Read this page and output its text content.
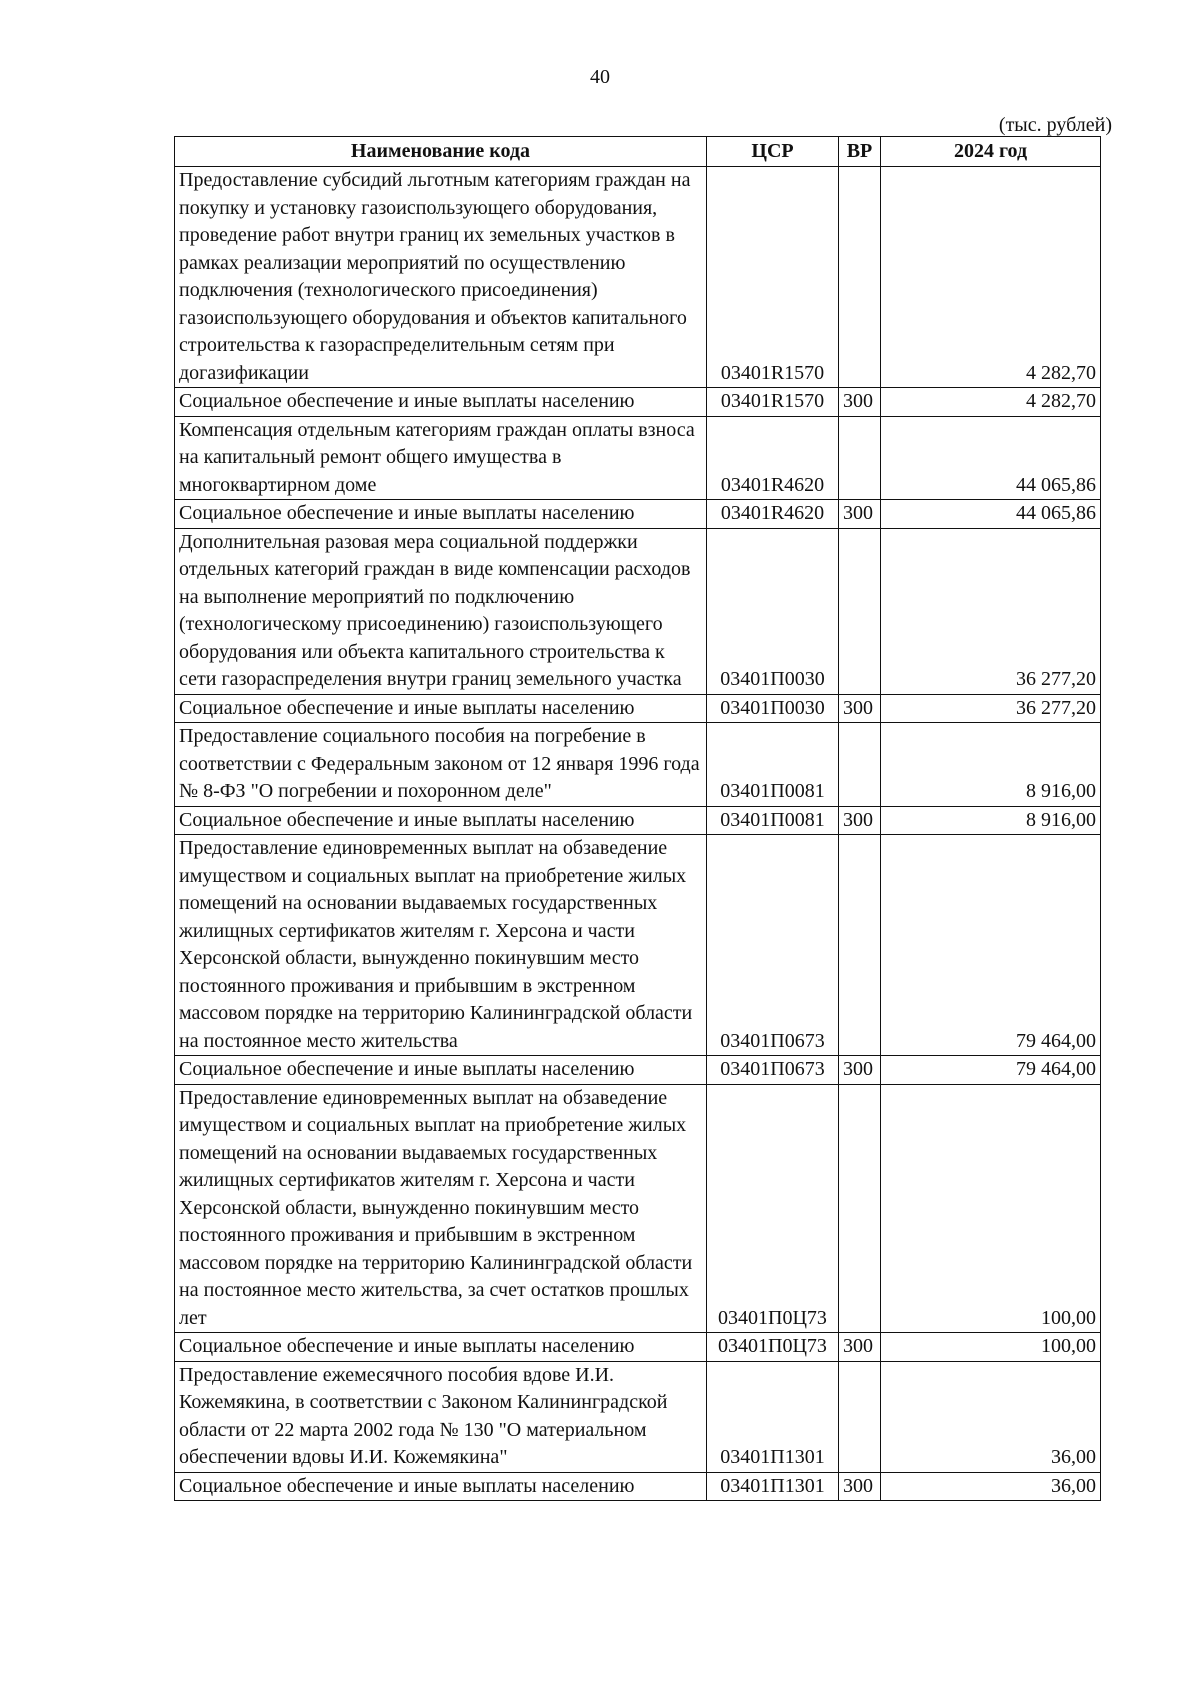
40
(тыс. рублей)
Наименование кода	ЦСР	ВР	2024 год
Предоставление субсидий льготным категориям граждан на покупку и установку газоиспользующего оборудования, проведение работ внутри границ их земельных участков в рамках реализации мероприятий по осуществлению подключения (технологического присоединения) газоиспользующего оборудования и объектов капитального строительства к газораспределительным сетям при догазификации	03401R1570		4 282,70
Социальное обеспечение и иные выплаты населению	03401R1570	300	4 282,70
Компенсация отдельным категориям граждан оплаты взноса на капитальный ремонт общего имущества в многоквартирном доме	03401R4620		44 065,86
Социальное обеспечение и иные выплаты населению	03401R4620	300	44 065,86
Дополнительная разовая мера социальной поддержки отдельных категорий граждан в виде компенсации расходов на выполнение мероприятий по подключению (технологическому присоединению) газоиспользующего оборудования или объекта капитального строительства к сети газораспределения внутри границ земельного участка	03401П0030		36 277,20
Социальное обеспечение и иные выплаты населению	03401П0030	300	36 277,20
Предоставление социального пособия на погребение в соответствии с Федеральным законом от 12 января 1996 года № 8-ФЗ "О погребении и похоронном деле"	03401П0081		8 916,00
Социальное обеспечение и иные выплаты населению	03401П0081	300	8 916,00
Предоставление единовременных выплат на обзаведение имуществом и социальных выплат на приобретение жилых помещений на основании выдаваемых государственных жилищных сертификатов жителям г. Херсона и части Херсонской области, вынужденно покинувшим место постоянного проживания и прибывшим в экстренном массовом порядке на территорию Калининградской области на постоянное место жительства	03401П0673		79 464,00
Социальное обеспечение и иные выплаты населению	03401П0673	300	79 464,00
Предоставление единовременных выплат на обзаведение имуществом и социальных выплат на приобретение жилых помещений на основании выдаваемых государственных жилищных сертификатов жителям г. Херсона и части Херсонской области, вынужденно покинувшим место постоянного проживания и прибывшим в экстренном массовом порядке на территорию Калининградской области на постоянное место жительства, за счет остатков прошлых лет	03401П0Ц73		100,00
Социальное обеспечение и иные выплаты населению	03401П0Ц73	300	100,00
Предоставление ежемесячного пособия вдове И.И. Кожемякина, в соответствии с Законом Калининградской области от 22 марта 2002 года № 130 "О материальном обеспечении вдовы И.И. Кожемякина"	03401П1301		36,00
Социальное обеспечение и иные выплаты населению	03401П1301	300	36,00
